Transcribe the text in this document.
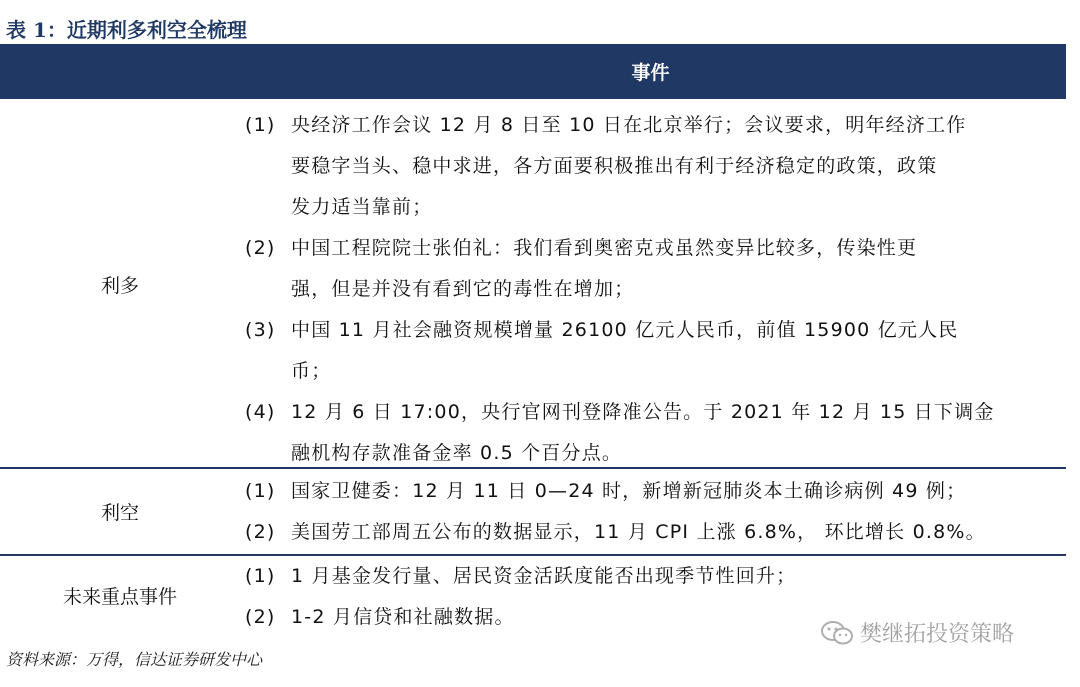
表 1：近期利多利空全梳理
事件
利多
(1) 央经济工作会议 12 月 8 日至 10 日在北京举行；会议要求，明年经济工作
要稳字当头、稳中求进，各方面要积极推出有利于经济稳定的政策，政策
发力适当靠前；
(2) 中国工程院院士张伯礼：我们看到奥密克戎虽然变异比较多，传染性更
强，但是并没有看到它的毒性在增加；
(3) 中国 11 月社会融资规模增量 26100 亿元人民币，前值 15900 亿元人民
币；
(4) 12 月 6 日 17:00，央行官网刊登降准公告。于 2021 年 12 月 15 日下调金
融机构存款准备金率 0.5 个百分点。
利空
(1) 国家卫健委：12 月 11 日 0—24 时，新增新冠肺炎本土确诊病例 49 例；
(2) 美国劳工部周五公布的数据显示，11 月 CPI 上涨 6.8%， 环比增长 0.8%。
未来重点事件
(1) 1 月基金发行量、居民资金活跃度能否出现季节性回升；
(2) 1-2 月信贷和社融数据。
资料来源：万得，信达证券研发中心
樊继拓投资策略
